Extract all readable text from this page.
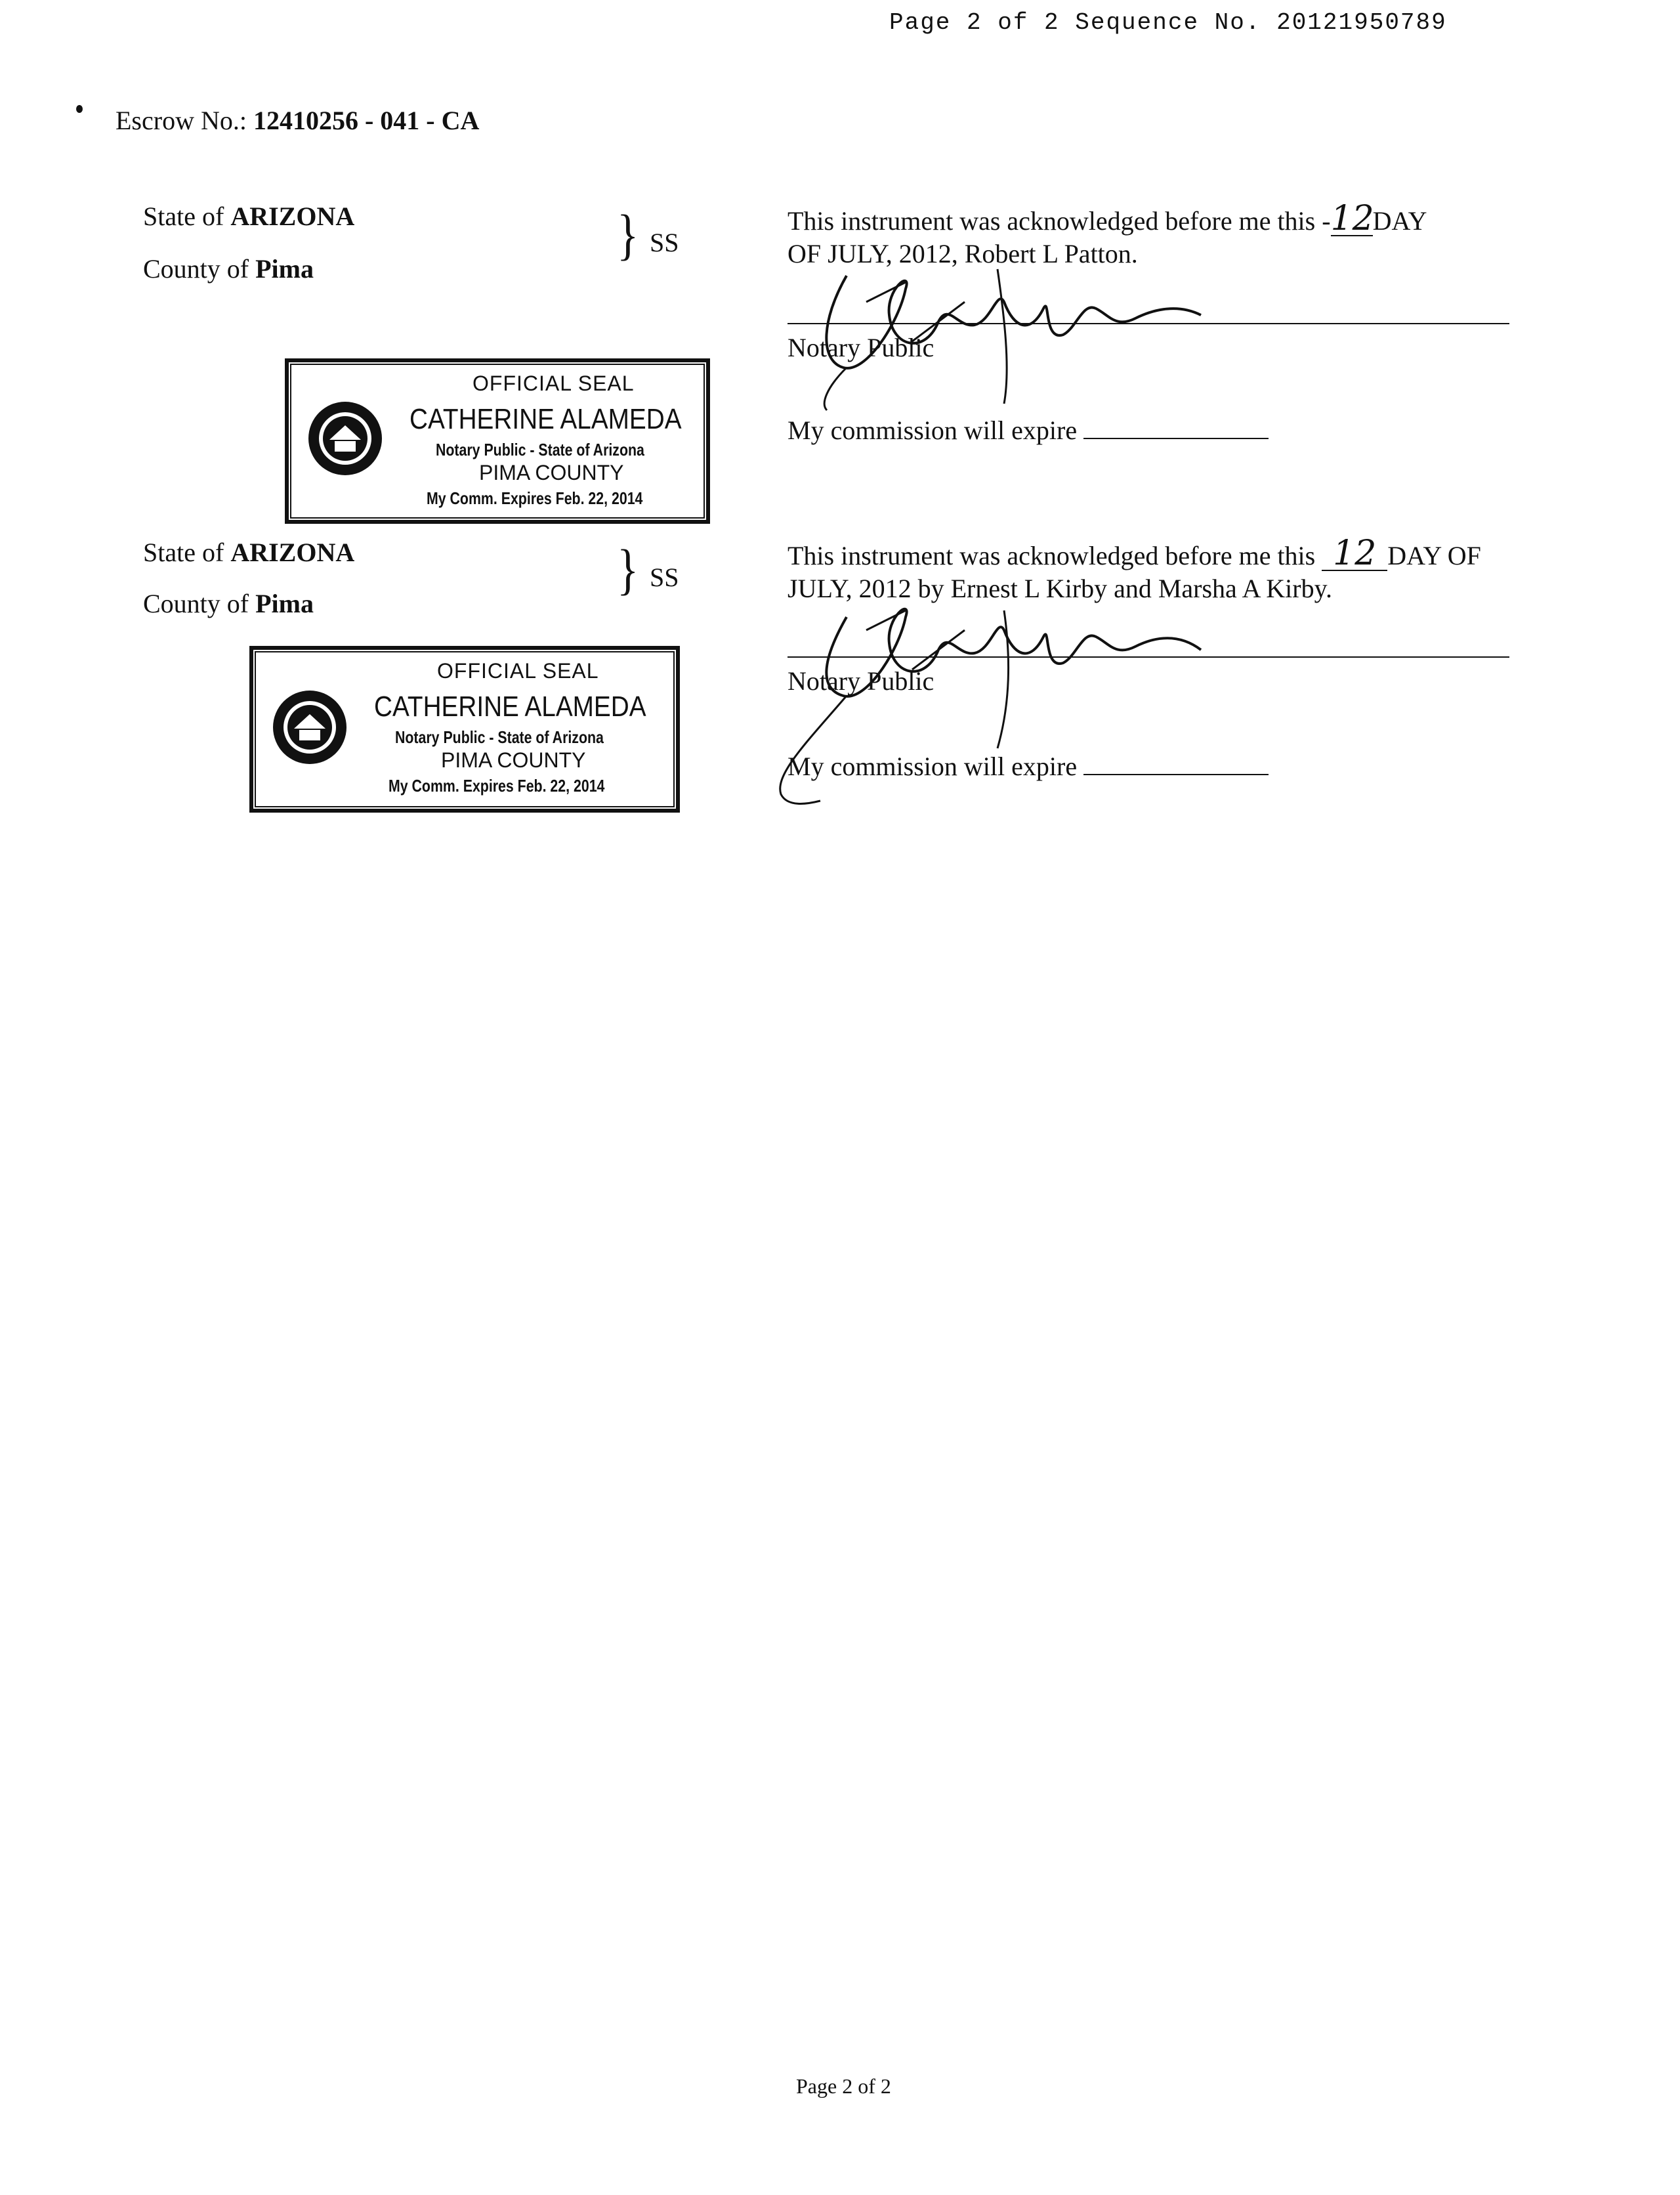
Page 2 of 2 Sequence No. 20121950789
Escrow No.: 12410256 - 041 - CA
State of ARIZONA
County of Pima
} SS
This instrument was acknowledged before me this -12DAY
OF JULY, 2012, Robert L Patton.
Notary Public
My commission will expire
OFFICIAL SEAL
CATHERINE ALAMEDA
Notary Public - State of Arizona
PIMA COUNTY
My Comm. Expires Feb. 22, 2014
State of ARIZONA
County of Pima
} SS
This instrument was acknowledged before me this 12 DAY OF
JULY, 2012 by Ernest L Kirby and Marsha A Kirby.
Notary Public
My commission will expire
OFFICIAL SEAL
CATHERINE ALAMEDA
Notary Public - State of Arizona
PIMA COUNTY
My Comm. Expires Feb. 22, 2014
Page 2 of 2
